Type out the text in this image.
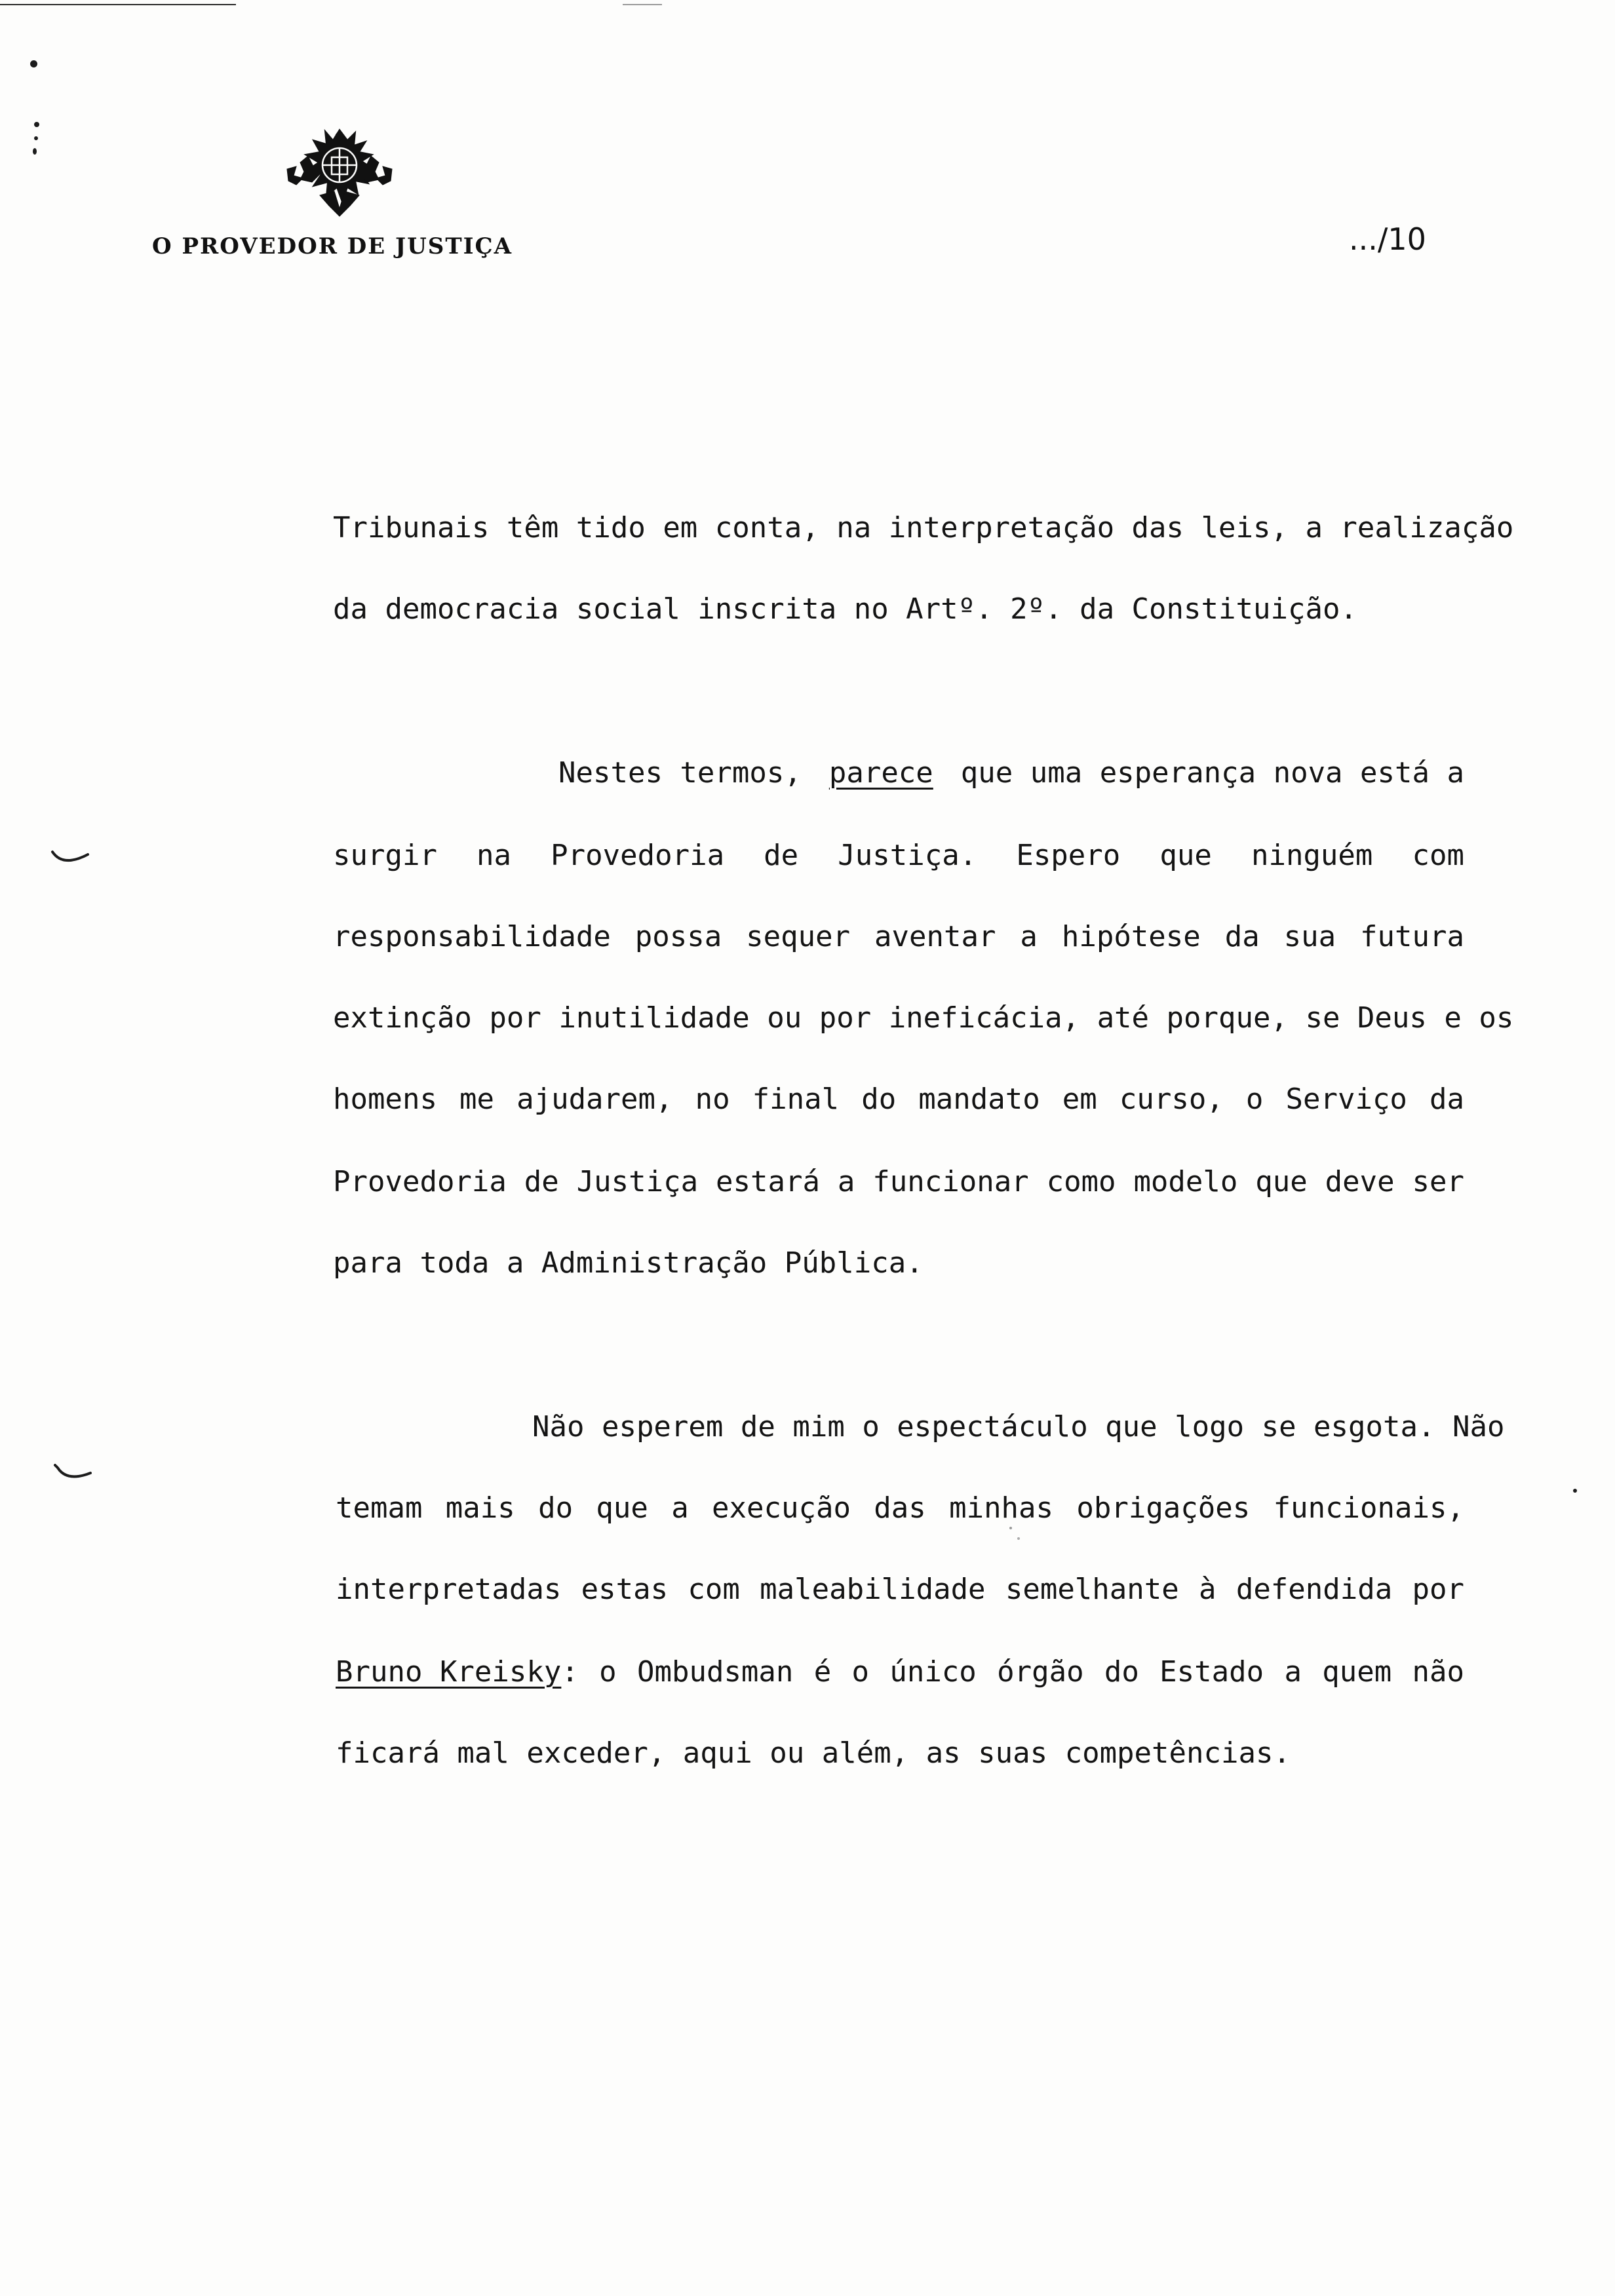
O PROVEDOR DE JUSTIÇA	.../10
Tribunais têm tido em conta, na interpretação das leis, a realização
da democracia social inscrita no Artº. 2º. da Constituição.
Nestes termos, parece que uma esperança nova está a
surgir na Provedoria de Justiça. Espero que ninguém com
responsabilidade possa sequer aventar a hipótese da sua futura
extinção por inutilidade ou por ineficácia, até porque, se Deus e os
homens me ajudarem, no final do mandato em curso, o Serviço da
Provedoria de Justiça estará a funcionar como modelo que deve ser
para toda a Administração Pública.
Não esperem de mim o espectáculo que logo se esgota. Não
temam mais do que a execução das minhas obrigações funcionais,
interpretadas estas com maleabilidade semelhante à defendida por
Bruno Kreisky : o Ombudsman é o único órgão do Estado a quem não
ficará mal exceder, aqui ou além, as suas competências.
